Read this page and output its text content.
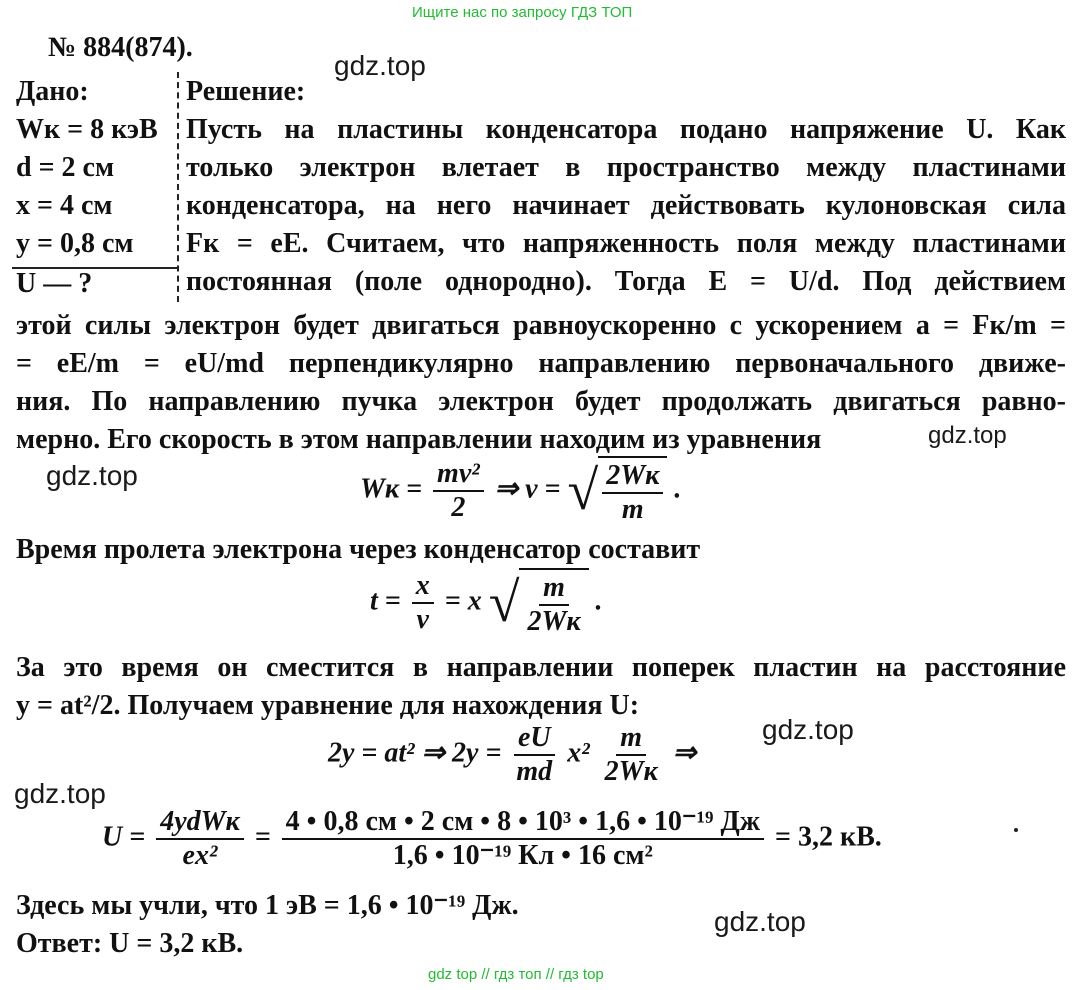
Ищите нас по запросу ГДЗ ТОП
№ 884(874).
gdz.top
Дано:
Wк = 8 кэВ
d = 2 см
x = 4 см
y = 0,8 см
U — ?
Решение:
Пусть на пластины конденсатора подано напряжение U. Как
только электрон влетает в пространство между пластинами
конденсатора, на него начинает действовать кулоновская сила
Fк = eE. Считаем, что напряженность поля между пластинами
постоянная (поле однородно). Тогда E = U/d. Под действием
этой силы электрон будет двигаться равноускоренно с ускорением a = Fк/m =
= eE/m = eU/md перпендикулярно направлению первоначального движе-
ния. По направлению пучка электрон будет продолжать двигаться равно-
мерно. Его скорость в этом направлении находим из уравнения	gdz.top
gdz.top	Wк = $\frac{\text{mv²}}{2}$ ⇒ v = √ $\frac{2Wк}{m}$ .
Время пролета электрона через конденсатор составит
$t = \frac{x}{v} = x$ √ $\frac{m}{2Wк}$ .
За это время он сместится в направлении поперек пластин на расстояние
y = at²/2. Получаем уравнение для нахождения U:
2y = at² ⇒ $2y = \frac{eU}{md} x^2 \frac{m}{2Wк}$ ⇒
gdz.top
gdz.top
$U = \frac{\text{4ydWк}}{\text{ex²}} = \frac{\text{4 • 0,8 см • 2 см • 8 • 10³ • 1,6 • 10⁻¹⁹ Дж}}{\text{1,6 • 10⁻¹⁹ Кл • 16 см²}} = 3,2$ кВ.
Здесь мы учли, что 1 эВ = 1,6 • 10⁻¹⁹ Дж.
Ответ: U = 3,2 кВ.
gdz.top
gdz top // гдз топ // гдз top
